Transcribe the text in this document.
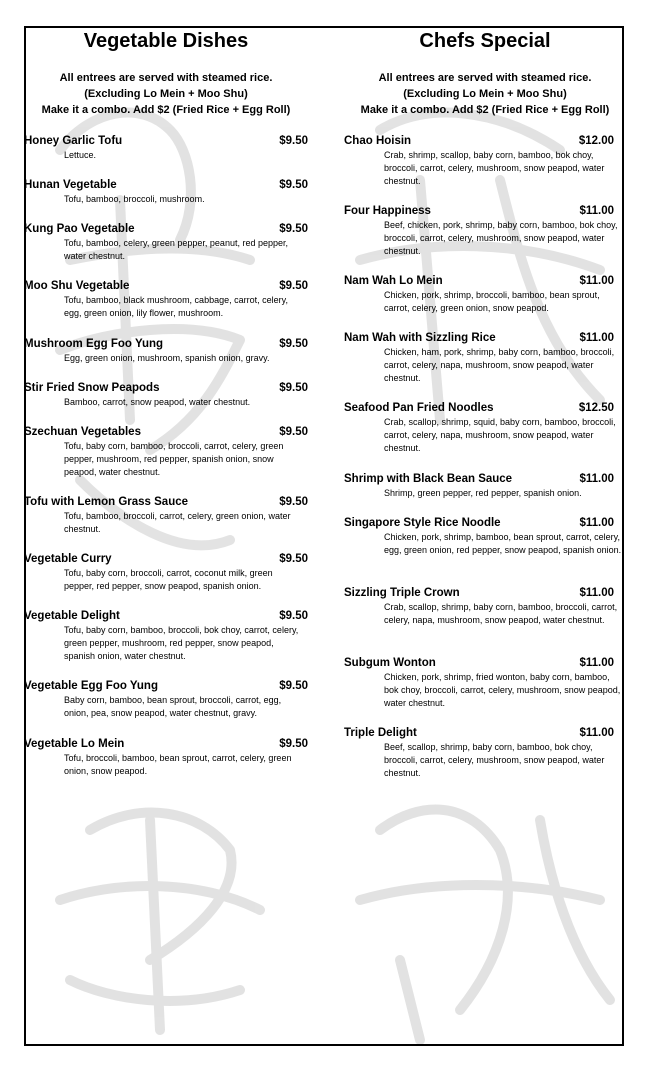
Vegetable Dishes
All entrees are served with steamed rice.
(Excluding Lo Mein + Moo Shu)
Make it a combo. Add $2 (Fried Rice + Egg Roll)
Honey Garlic Tofu	$9.50
Lettuce.
Hunan Vegetable	$9.50
Tofu, bamboo, broccoli, mushroom.
Kung Pao Vegetable	$9.50
Tofu, bamboo, celery, green pepper, peanut, red pepper, water chestnut.
Moo Shu Vegetable	$9.50
Tofu, bamboo, black mushroom, cabbage, carrot, celery, egg, green onion, lily flower, mushroom.
Mushroom Egg Foo Yung	$9.50
Egg, green onion, mushroom, spanish onion, gravy.
Stir Fried Snow Peapods	$9.50
Bamboo, carrot, snow peapod, water chestnut.
Szechuan Vegetables	$9.50
Tofu, baby corn, bamboo, broccoli, carrot, celery, green pepper, mushroom, red pepper, spanish onion, snow peapod, water chestnut.
Tofu with Lemon Grass Sauce	$9.50
Tofu, bamboo, broccoli, carrot, celery, green onion, water chestnut.
Vegetable Curry	$9.50
Tofu, baby corn, broccoli, carrot, coconut milk, green pepper, red pepper, snow peapod, spanish onion.
Vegetable Delight	$9.50
Tofu, baby corn, bamboo, broccoli, bok choy, carrot, celery, green pepper, mushroom, red pepper, snow peapod, spanish onion, water chestnut.
Vegetable Egg Foo Yung	$9.50
Baby corn, bamboo, bean sprout, broccoli, carrot, egg, onion, pea, snow peapod, water chestnut, gravy.
Vegetable Lo Mein	$9.50
Tofu, broccoli, bamboo, bean sprout, carrot, celery, green onion, snow peapod.
Chefs Special
All entrees are served with steamed rice.
(Excluding Lo Mein + Moo Shu)
Make it a combo. Add $2 (Fried Rice + Egg Roll)
Chao Hoisin	$12.00
Crab, shrimp, scallop, baby corn, bamboo, bok choy, broccoli, carrot, celery, mushroom, snow peapod, water chestnut.
Four Happiness	$11.00
Beef, chicken, pork, shrimp, baby corn, bamboo, bok choy, broccoli, carrot, celery, mushroom, snow peapod, water chestnut.
Nam Wah Lo Mein	$11.00
Chicken, pork, shrimp, broccoli, bamboo, bean sprout, carrot, celery, green onion, snow peapod.
Nam Wah with Sizzling Rice	$11.00
Chicken, ham, pork, shrimp, baby corn, bamboo, broccoli, carrot, celery, napa, mushroom, snow peapod, water chestnut.
Seafood Pan Fried Noodles	$12.50
Crab, scallop, shrimp, squid, baby corn, bamboo, broccoli, carrot, celery, napa, mushroom, snow peapod, water chestnut.
Shrimp with Black Bean Sauce	$11.00
Shrimp, green pepper, red pepper, spanish onion.
Singapore Style Rice Noodle	$11.00
Chicken, pork, shrimp, bamboo, bean sprout, carrot, celery, egg, green onion, red pepper, snow peapod, spanish onion.
Sizzling Triple Crown	$11.00
Crab, scallop, shrimp, baby corn, bamboo, broccoli, carrot, celery, napa, mushroom, snow peapod, water chestnut.
Subgum Wonton	$11.00
Chicken, pork, shrimp, fried wonton, baby corn, bamboo, bok choy, broccoli, carrot, celery, mushroom, snow peapod, water chestnut.
Triple Delight	$11.00
Beef, scallop, shrimp, baby corn, bamboo, bok choy, broccoli, carrot, celery, mushroom, snow peapod, water chestnut.
